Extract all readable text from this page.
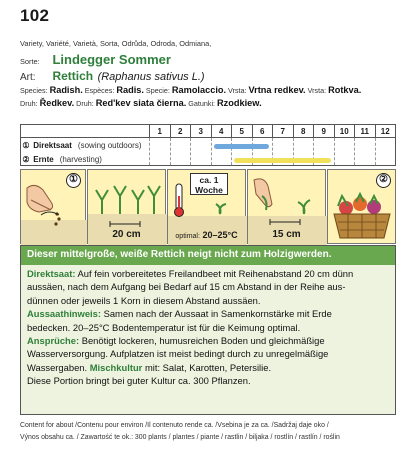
102
Variety, Variété, Varietà, Sorta, Odrůda, Odroda, Odmiana,
Sorte: Lindegger Sommer
Art: Rettich (Raphanus sativus L.)
Species: Radish. Espèces: Radis. Specie: Ramolaccio. Vrsta: Vrtna redkev. Vrsta: Rotkva.
Druh: Ředkev. Druh: Red'kev siata čierna. Gatunki: Rzodkiew.
1	2	3	4	5	6	7	8	9	10	11	12
① Direktsaat (sowing outdoors)
② Ernte (harvesting)
①
20 cm
ca. 1
Woche
optimal: 20–25°C	15 cm
②
Dieser mittelgroße, weiße Rettich neigt nicht zum Holzigwerden.
Direktsaat: Auf fein vorbereitetes Freilandbeet mit Reihenabstand 20 cm dünn
aussäen, nach dem Aufgang bei Bedarf auf 15 cm Abstand in der Reihe aus-
dünnen oder jeweils 1 Korn in diesem Abstand aussäen.
Aussaathinweis: Samen nach der Aussaat in Samenkornstärke mit Erde
bedecken. 20–25°C Bodentemperatur ist für die Keimung optimal.
Ansprüche: Benötigt lockeren, humusreichen Boden und gleichmäßige
Wasserversorgung. Aufplatzen ist meist bedingt durch zu unregelmäßige
Wassergaben. Mischkultur mit: Salat, Karotten, Petersilie.
Diese Portion bringt bei guter Kultur ca. 300 Pflanzen.
Content for about /Contenu pour environ /Il contenuto rende ca. /Vsebina je za ca. /Sadržaj daje oko /
Výnos obsahu ca. / Zawartość te ok.: 300 plants / plantes / piante / rastlin / biljaka / rostlín / rastlín / roślin
